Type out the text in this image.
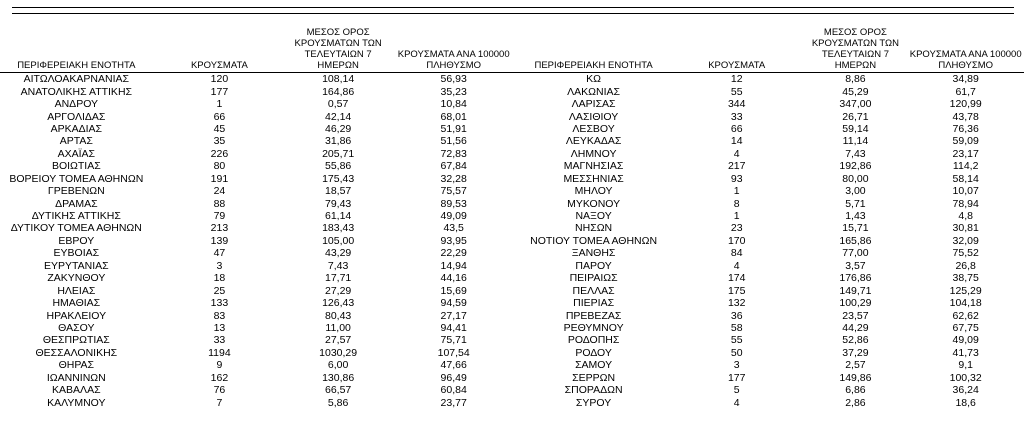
ΠΕΡΙΦΕΡΕΙΑΚΗ ΕΝΟΤΗΤΑ	ΚΡΟΥΣΜΑΤΑ	ΜΕΣΟΣ ΟΡΟΣ ΚΡΟΥΣΜΑΤΩΝ ΤΩΝ ΤΕΛΕΥΤΑΙΩΝ 7 ΗΜΕΡΩΝ	ΚΡΟΥΣΜΑΤΑ ΑΝΑ 100000 ΠΛΗΘΥΣΜΟ	ΠΕΡΙΦΕΡΕΙΑΚΗ ΕΝΟΤΗΤΑ	ΚΡΟΥΣΜΑΤΑ	ΜΕΣΟΣ ΟΡΟΣ ΚΡΟΥΣΜΑΤΩΝ ΤΩΝ ΤΕΛΕΥΤΑΙΩΝ 7 ΗΜΕΡΩΝ	ΚΡΟΥΣΜΑΤΑ ΑΝΑ 100000 ΠΛΗΘΥΣΜΟ
ΑΙΤΩΛΟΑΚΑΡΝΑΝΙΑΣ	120	108,14	56,93	ΚΩ	12	8,86	34,89
ΑΝΑΤΟΛΙΚΗΣ ΑΤΤΙΚΗΣ	177	164,86	35,23	ΛΑΚΩΝΙΑΣ	55	45,29	61,7
ΑΝΔΡΟΥ	1	0,57	10,84	ΛΑΡΙΣΑΣ	344	347,00	120,99
ΑΡΓΟΛΙΔΑΣ	66	42,14	68,01	ΛΑΣΙΘΙΟΥ	33	26,71	43,78
ΑΡΚΑΔΙΑΣ	45	46,29	51,91	ΛΕΣΒΟΥ	66	59,14	76,36
ΑΡΤΑΣ	35	31,86	51,56	ΛΕΥΚΑΔΑΣ	14	11,14	59,09
ΑΧΑΪΑΣ	226	205,71	72,83	ΛΗΜΝΟΥ	4	7,43	23,17
ΒΟΙΩΤΙΑΣ	80	55,86	67,84	ΜΑΓΝΗΣΙΑΣ	217	192,86	114,2
ΒΟΡΕΙΟΥ ΤΟΜΕΑ ΑΘΗΝΩΝ	191	175,43	32,28	ΜΕΣΣΗΝΙΑΣ	93	80,00	58,14
ΓΡΕΒΕΝΩΝ	24	18,57	75,57	ΜΗΛΟΥ	1	3,00	10,07
ΔΡΑΜΑΣ	88	79,43	89,53	ΜΥΚΟΝΟΥ	8	5,71	78,94
ΔΥΤΙΚΗΣ ΑΤΤΙΚΗΣ	79	61,14	49,09	ΝΑΞΟΥ	1	1,43	4,8
ΔΥΤΙΚΟΥ ΤΟΜΕΑ ΑΘΗΝΩΝ	213	183,43	43,5	ΝΗΣΩΝ	23	15,71	30,81
ΕΒΡΟΥ	139	105,00	93,95	ΝΟΤΙΟΥ ΤΟΜΕΑ ΑΘΗΝΩΝ	170	165,86	32,09
ΕΥΒΟΙΑΣ	47	43,29	22,29	ΞΑΝΘΗΣ	84	77,00	75,52
ΕΥΡΥΤΑΝΙΑΣ	3	7,43	14,94	ΠΑΡΟΥ	4	3,57	26,8
ΖΑΚΥΝΘΟΥ	18	17,71	44,16	ΠΕΙΡΑΙΩΣ	174	176,86	38,75
ΗΛΕΙΑΣ	25	27,29	15,69	ΠΕΛΛΑΣ	175	149,71	125,29
ΗΜΑΘΙΑΣ	133	126,43	94,59	ΠΙΕΡΙΑΣ	132	100,29	104,18
ΗΡΑΚΛΕΙΟΥ	83	80,43	27,17	ΠΡΕΒΕΖΑΣ	36	23,57	62,62
ΘΑΣΟΥ	13	11,00	94,41	ΡΕΘΥΜΝΟΥ	58	44,29	67,75
ΘΕΣΠΡΩΤΙΑΣ	33	27,57	75,71	ΡΟΔΟΠΗΣ	55	52,86	49,09
ΘΕΣΣΑΛΟΝΙΚΗΣ	1194	1030,29	107,54	ΡΟΔΟΥ	50	37,29	41,73
ΘΗΡΑΣ	9	6,00	47,66	ΣΑΜΟΥ	3	2,57	9,1
ΙΩΑΝΝΙΝΩΝ	162	130,86	96,49	ΣΕΡΡΩΝ	177	149,86	100,32
ΚΑΒΑΛΑΣ	76	66,57	60,84	ΣΠΟΡΑΔΩΝ	5	6,86	36,24
ΚΑΛΥΜΝΟΥ	7	5,86	23,77	ΣΥΡΟΥ	4	2,86	18,6
